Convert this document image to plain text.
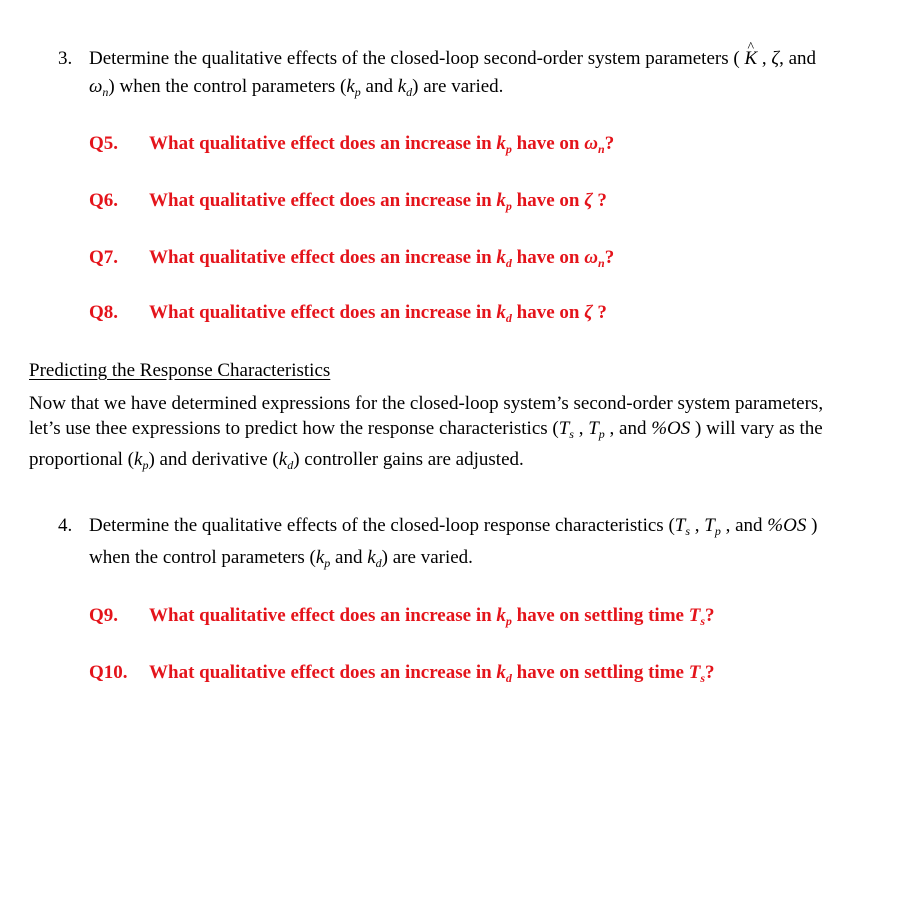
3. Determine the qualitative effects of the closed-loop second-order system parameters ( ^ K , ζ, and
$\omega_n$) when the control parameters ($k_p$ and $k_d$) are varied.
Q5. What qualitative effect does an increase in $k_p$ have on $\omega_n$?
Q6. What qualitative effect does an increase in $k_p$ have on ζ ?
Q7. What qualitative effect does an increase in $k_d$ have on $\omega_n$?
Q8. What qualitative effect does an increase in $k_d$ have on ζ ?
Predicting the Response Characteristics
Now that we have determined expressions for the closed-loop system’s second-order system parameters,
let’s use thee expressions to predict how the response characteristics ($T_s$ , $T_p$ , and %OS ) will vary as the
proportional $(k_p)$ and derivative $(k_d)$ controller gains are adjusted.
4. Determine the qualitative effects of the closed-loop response characteristics ($T_s$ , $T_p$ , and %OS )
when the control parameters ($k_p$ and $k_d$) are varied.
Q9. What qualitative effect does an increase in $k_p$ have on settling time $T_s$?
Q10. What qualitative effect does an increase in $k_d$ have on settling time $T_s$?
